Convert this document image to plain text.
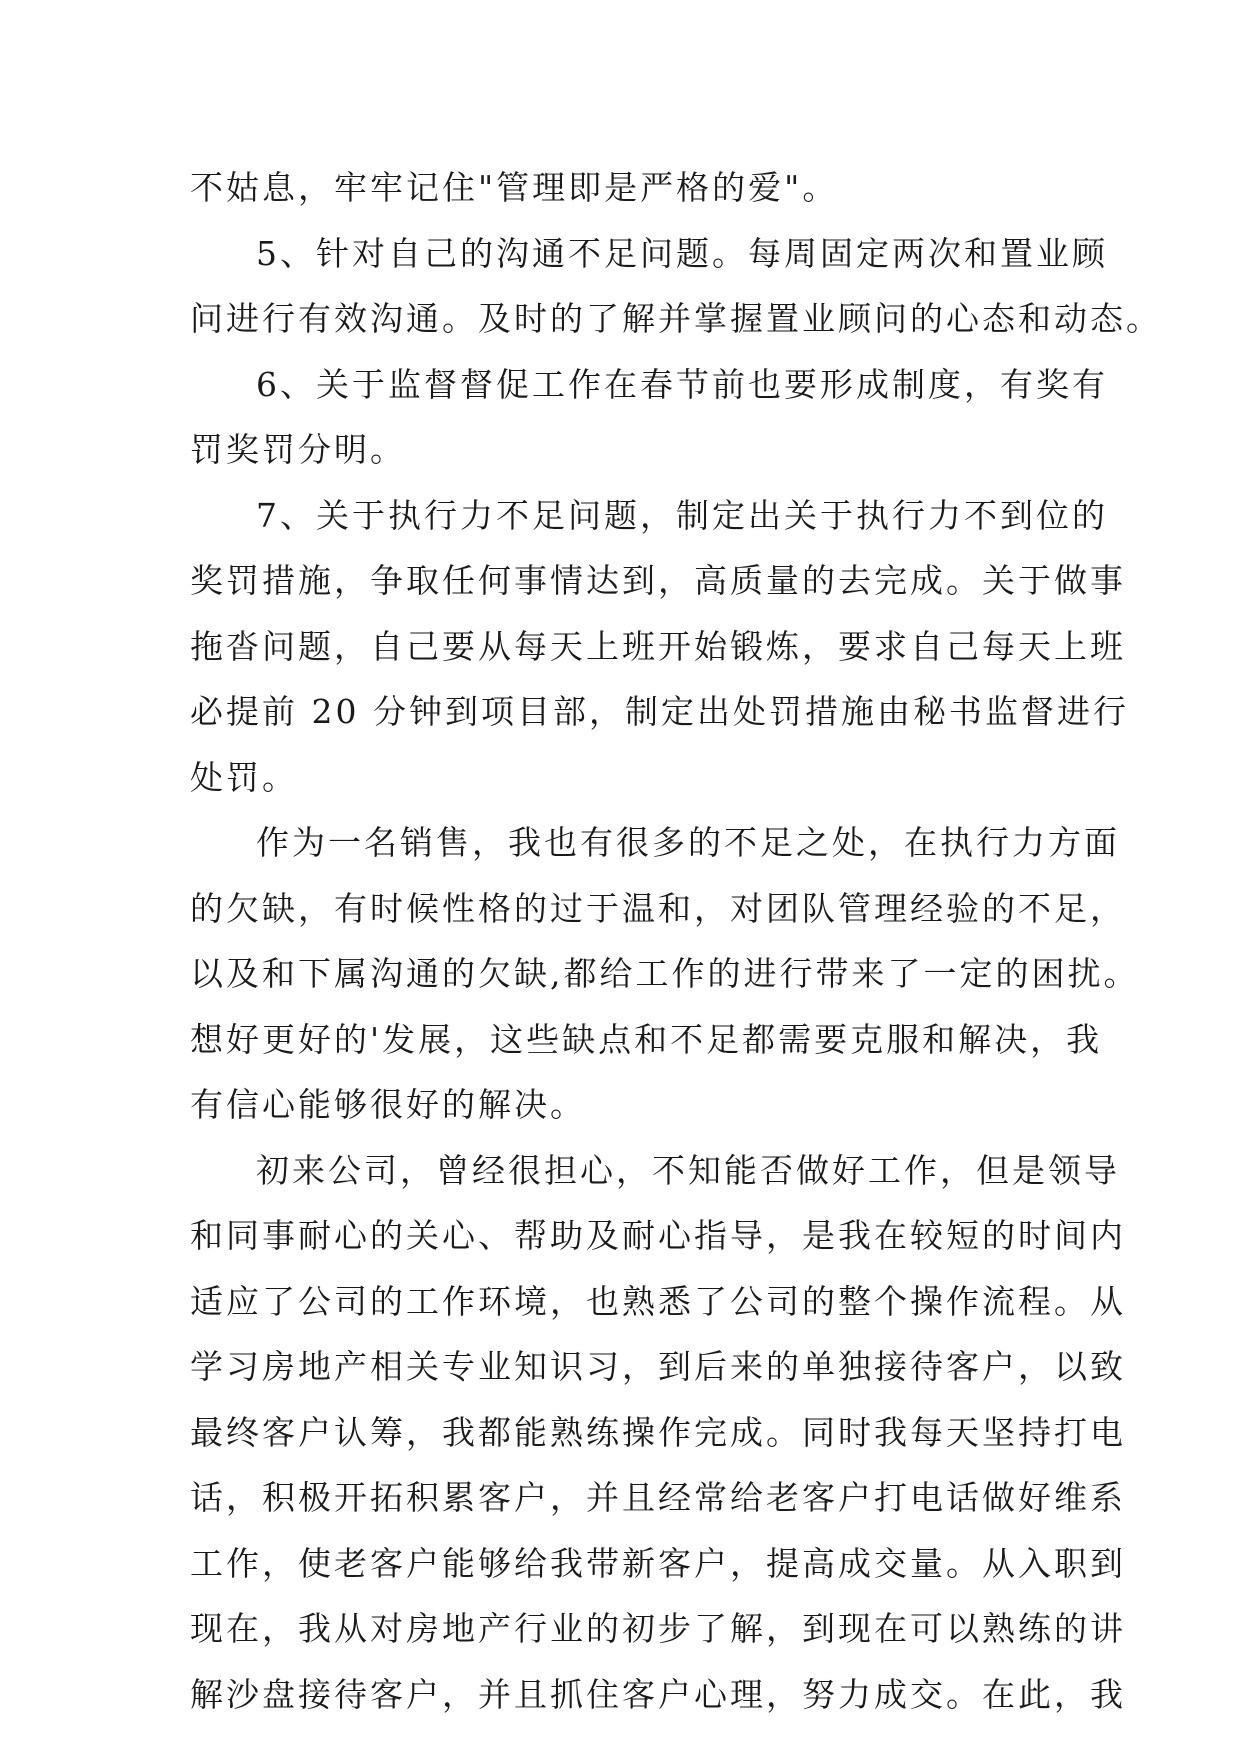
不姑息，牢牢记住"管理即是严格的爱"。
5、针对自己的沟通不足问题。每周固定两次和置业顾
问进行有效沟通。及时的了解并掌握置业顾问的心态和动态。
6、关于监督督促工作在春节前也要形成制度，有奖有
罚奖罚分明。
7、关于执行力不足问题，制定出关于执行力不到位的
奖罚措施，争取任何事情达到，高质量的去完成。关于做事
拖沓问题，自己要从每天上班开始锻炼，要求自己每天上班
必提前 20 分钟到项目部，制定出处罚措施由秘书监督进行
处罚。
作为一名销售，我也有很多的不足之处，在执行力方面
的欠缺，有时候性格的过于温和，对团队管理经验的不足，
以及和下属沟通的欠缺,都给工作的进行带来了一定的困扰。
想好更好的'发展，这些缺点和不足都需要克服和解决，我
有信心能够很好的解决。
初来公司，曾经很担心，不知能否做好工作，但是领导
和同事耐心的关心、帮助及耐心指导，是我在较短的时间内
适应了公司的工作环境，也熟悉了公司的整个操作流程。从
学习房地产相关专业知识习，到后来的单独接待客户，以致
最终客户认筹，我都能熟练操作完成。同时我每天坚持打电
话，积极开拓积累客户，并且经常给老客户打电话做好维系
工作，使老客户能够给我带新客户，提高成交量。从入职到
现在，我从对房地产行业的初步了解，到现在可以熟练的讲
解沙盘接待客户，并且抓住客户心理，努力成交。在此，我
